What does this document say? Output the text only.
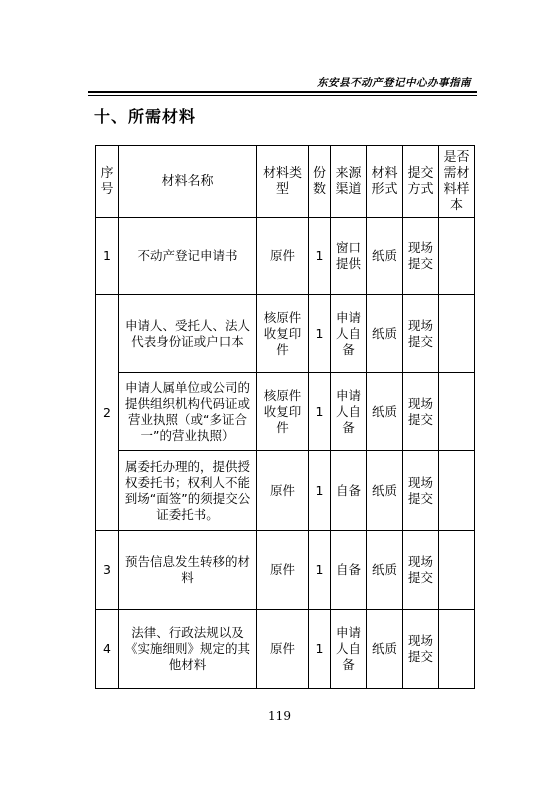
东安县不动产登记中心办事指南
十、所需材料
序号	材料名称	材料类型	份数	来源渠道	材料形式	提交方式	是否需材料样本
1	不动产登记申请书	原件	1	窗口提供	纸质	现场提交	
2	申请人、受托人、法人代表身份证或户口本	核原件收复印件	1	申请人自备	纸质	现场提交	
	申请人属单位或公司的提供组织机构代码证或营业执照（或“多证合一”的营业执照）	核原件收复印件	1	申请人自备	纸质	现场提交	
	属委托办理的，提供授权委托书；权利人不能到场“面签”的须提交公证委托书。	原件	1	自备	纸质	现场提交	
3	预告信息发生转移的材料	原件	1	自备	纸质	现场提交	
4	法律、行政法规以及《实施细则》规定的其他材料	原件	1	申请人自备	纸质	现场提交	
119
